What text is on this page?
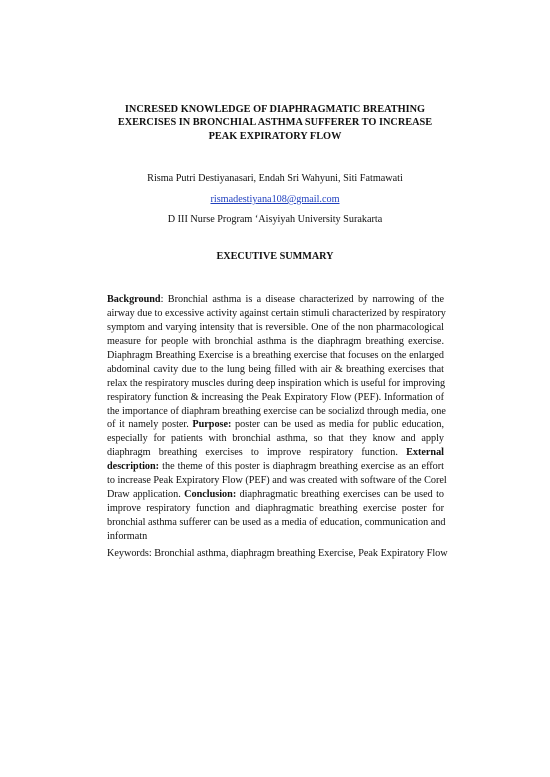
INCRESED KNOWLEDGE OF DIAPHRAGMATIC BREATHING
EXERCISES IN BRONCHIAL ASTHMA SUFFERER TO INCREASE
PEAK EXPIRATORY FLOW
Risma Putri Destiyanasari, Endah Sri Wahyuni, Siti Fatmawati
rismadestiyana108@gmail.com
D III Nurse Program ‘Aisyiyah University Surakarta
EXECUTIVE SUMMARY
Background: Bronchial asthma is a disease characterized by narrowing of the
airway due to excessive activity against certain stimuli characterized by respiratory
symptom and varying intensity that is reversible. One of the non pharmacological
measure for people with bronchial asthma is the diaphragm breathing exercise.
Diaphragm Breathing Exercise is a breathing exercise that focuses on the enlarged
abdominal cavity due to the lung being filled with air & breathing exercises that
relax the respiratory muscles during deep inspiration which is useful for improving
respiratory function & increasing the Peak Expiratory Flow (PEF). Information of
the importance of diaphram breathing exercise can be socializd through media, one
of it namely poster. Purpose: poster can be used as media for public education,
especially for patients with bronchial asthma, so that they know and apply
diaphragm breathing exercises to improve respiratory function. External
description: the theme of this poster is diaphragm breathing exercise as an effort
to increase Peak Expiratory Flow (PEF) and was created with software of the Corel
Draw application. Conclusion: diaphragmatic breathing exercises can be used to
improve respiratory function and diaphragmatic breathing exercise poster for
bronchial asthma sufferer can be used as a media of education, communication and
informatn
Keywords: Bronchial asthma, diaphragm breathing Exercise, Peak Expiratory Flow
